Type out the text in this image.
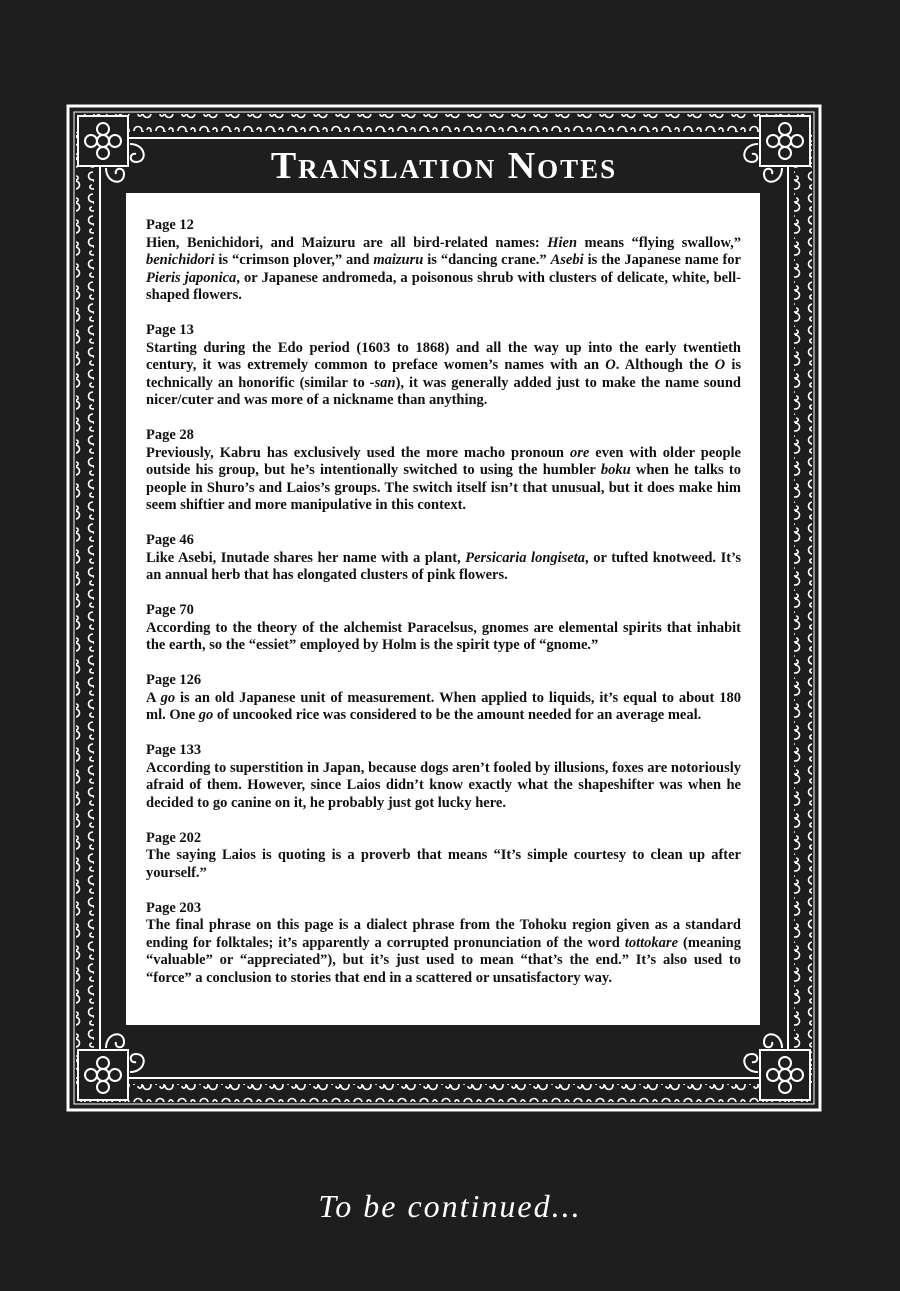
Translation Notes
Page 12
Hien, Benichidori, and Maizuru are all bird-related names: Hien means “flying swallow,” benichidori is “crimson plover,” and maizuru is “dancing crane.” Asebi is the Japanese name for Pieris japonica, or Japanese andromeda, a poisonous shrub with clusters of delicate, white, bell-shaped flowers.
Page 13
Starting during the Edo period (1603 to 1868) and all the way up into the early twentieth century, it was extremely common to preface women’s names with an O. Although the O is technically an honorific (similar to -san), it was generally added just to make the name sound nicer/cuter and was more of a nickname than anything.
Page 28
Previously, Kabru has exclusively used the more macho pronoun ore even with older people outside his group, but he’s intentionally switched to using the humbler boku when he talks to people in Shuro’s and Laios’s groups. The switch itself isn’t that unusual, but it does make him seem shiftier and more manipulative in this context.
Page 46
Like Asebi, Inutade shares her name with a plant, Persicaria longiseta, or tufted knotweed. It’s an annual herb that has elongated clusters of pink flowers.
Page 70
According to the theory of the alchemist Paracelsus, gnomes are elemental spirits that inhabit the earth, so the “essiet” employed by Holm is the spirit type of “gnome.”
Page 126
A go is an old Japanese unit of measurement. When applied to liquids, it’s equal to about 180 ml. One go of uncooked rice was considered to be the amount needed for an average meal.
Page 133
According to superstition in Japan, because dogs aren’t fooled by illusions, foxes are notoriously afraid of them. However, since Laios didn’t know exactly what the shapeshifter was when he decided to go canine on it, he probably just got lucky here.
Page 202
The saying Laios is quoting is a proverb that means “It’s simple courtesy to clean up after yourself.”
Page 203
The final phrase on this page is a dialect phrase from the Tohoku region given as a standard ending for folktales; it’s apparently a corrupted pronunciation of the word tottokare (meaning “valuable” or “appreciated”), but it’s just used to mean “that’s the end.” It’s also used to “force” a conclusion to stories that end in a scattered or unsatisfactory way.
To be continued...
